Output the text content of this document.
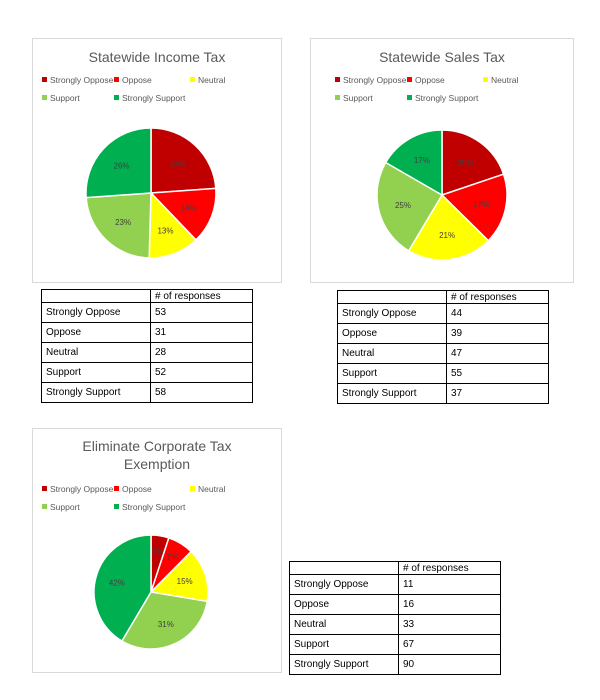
Statewide Income Tax
Strongly Oppose	Oppose	Neutral
Support	Strongly Support
24%
14%
13%
23%
26%
Statewide Sales Tax
Strongly Oppose	Oppose	Neutral
Support	Strongly Support
20%
17%
21%
25%
17%
	# of responses
Strongly Oppose	53
Oppose	31
Neutral	28
Support	52
Strongly Support	58
	# of responses
Strongly Oppose	44
Oppose	39
Neutral	47
Support	55
Strongly Support	37
Eliminate Corporate Tax Exemption
Strongly Oppose	Oppose	Neutral
Support	Strongly Support
5%
7%
15%
31%
42%
	# of responses
Strongly Oppose	11
Oppose	16
Neutral	33
Support	67
Strongly Support	90
